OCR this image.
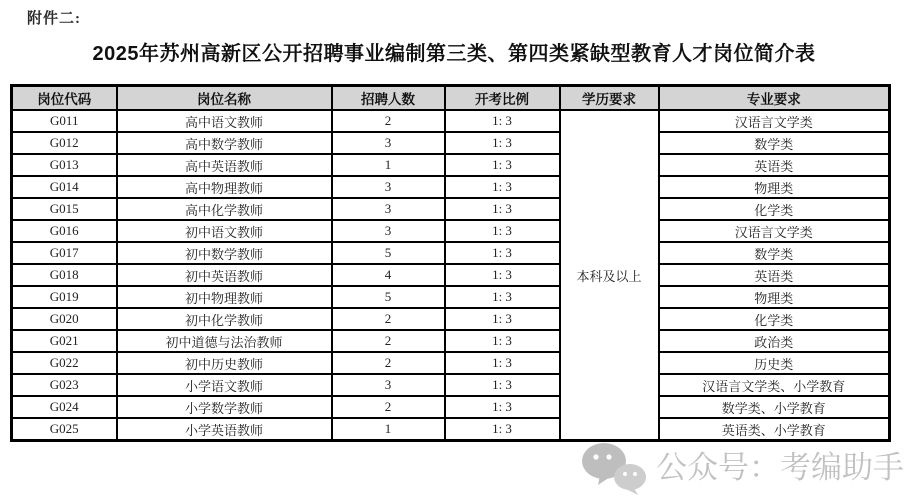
附件二:
2025年苏州高新区公开招聘事业编制第三类、第四类紧缺型教育人才岗位简介表
岗位代码	岗位名称	招聘人数	开考比例	学历要求	专业要求
G011	高中语文教师	2	1: 3	本科及以上	汉语言文学类
G012	高中数学教师	3	1: 3		数学类
G013	高中英语教师	1	1: 3		英语类
G014	高中物理教师	3	1: 3		物理类
G015	高中化学教师	3	1: 3		化学类
G016	初中语文教师	3	1: 3		汉语言文学类
G017	初中数学教师	5	1: 3		数学类
G018	初中英语教师	4	1: 3		英语类
G019	初中物理教师	5	1: 3		物理类
G020	初中化学教师	2	1: 3		化学类
G021	初中道德与法治教师	2	1: 3		政治类
G022	初中历史教师	2	1: 3		历史类
G023	小学语文教师	3	1: 3		汉语言文学类、小学教育
G024	小学数学教师	2	1: 3		数学类、小学教育
G025	小学英语教师	1	1: 3		英语类、小学教育
公众号：考编助手
